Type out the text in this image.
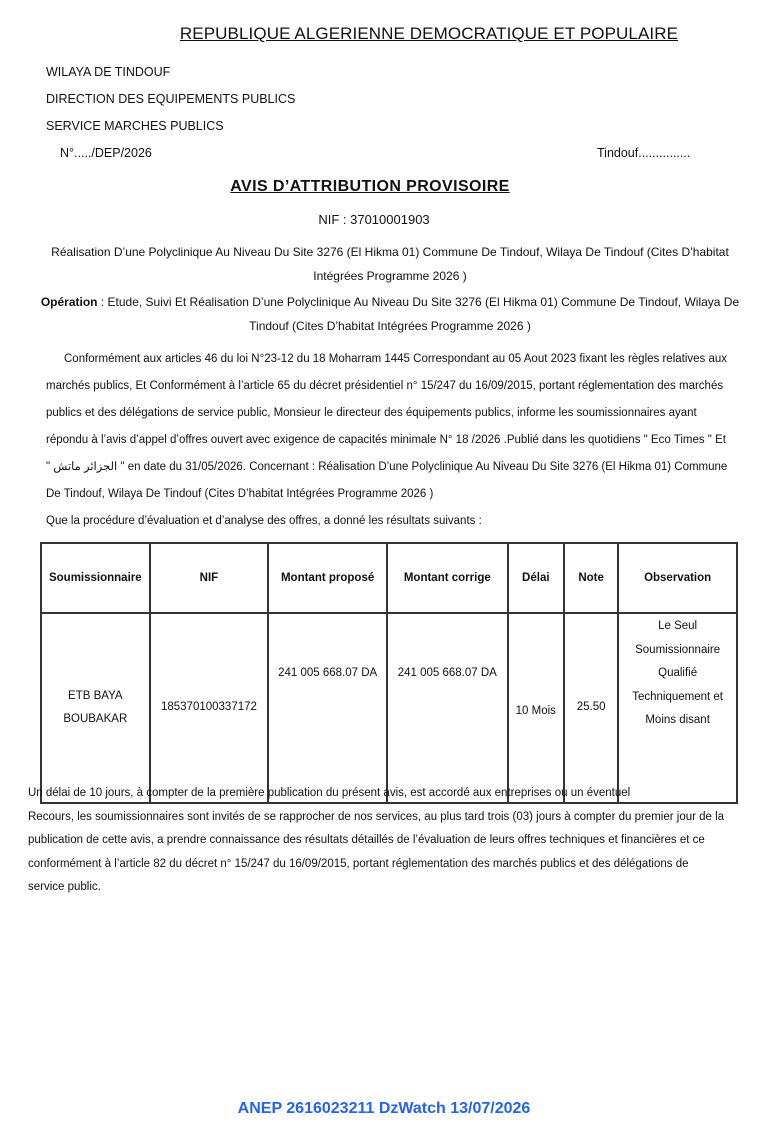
REPUBLIQUE ALGERIENNE DEMOCRATIQUE ET POPULAIRE
WILAYA DE TINDOUF
DIRECTION DES EQUIPEMENTS PUBLICS
SERVICE MARCHES PUBLICS
N°...../DEP/2026	Tindouf...............
AVIS D’ATTRIBUTION PROVISOIRE
NIF : 37010001903
Réalisation D’une Polyclinique Au Niveau Du Site 3276 (El Hikma 01) Commune De Tindouf, Wilaya De Tindouf (Cites D’habitat Intégrées Programme 2026 )
Opération : Etude, Suivi Et Réalisation D’une Polyclinique Au Niveau Du Site 3276 (El Hikma 01) Commune De Tindouf, Wilaya De Tindouf (Cites D’habitat Intégrées Programme 2026 )

Conformément aux articles 46 du loi N°23-12 du 18 Moharram 1445 Correspondant au 05 Aout 2023 fixant les règles relatives aux marchés publics, Et Conformément à l’article 65 du décret présidentiel n° 15/247 du 16/09/2015, portant réglementation des marchés publics et des délégations de service public, Monsieur le directeur des équipements publics, informe les soumissionnaires ayant répondu à l’avis d’appel d’offres ouvert avec exigence de capacités minimale N° 18 /2026 .Publié dans les quotidiens " Eco Times " Et " الجزائر ماتش " en date du 31/05/2026. Concernant : Réalisation D’une Polyclinique Au Niveau Du Site 3276 (El Hikma 01) Commune De Tindouf, Wilaya De Tindouf (Cites D’habitat Intégrées Programme 2026 )

Que la procédure d’évaluation et d’analyse des offres, a donné les résultats suivants :
Soumissionnaire	NIF	Montant proposé	Montant corrige	Délai	Note	Observation
ETB BAYA BOUBAKAR	185370100337172	241 005 668.07 DA	241 005 668.07 DA	10 Mois	25.50	Le Seul Soumissionnaire Qualifié Techniquement et Moins disant
Un délai de 10 jours, à compter de la première publication du présent avis, est accordé aux entreprises ou un éventuel
Recours, les soumissionnaires sont invités de se rapprocher de nos services, au plus tard trois (03) jours à compter du premier jour de la publication de cette avis, a prendre connaissance des résultats détaillés de l’évaluation de leurs offres techniques et financières et ce conformément à l’article 82 du décret n° 15/247 du 16/09/2015, portant réglementation des marchés publics et des délégations de service public.
ANEP 2616023211 DzWatch 13/07/2026
